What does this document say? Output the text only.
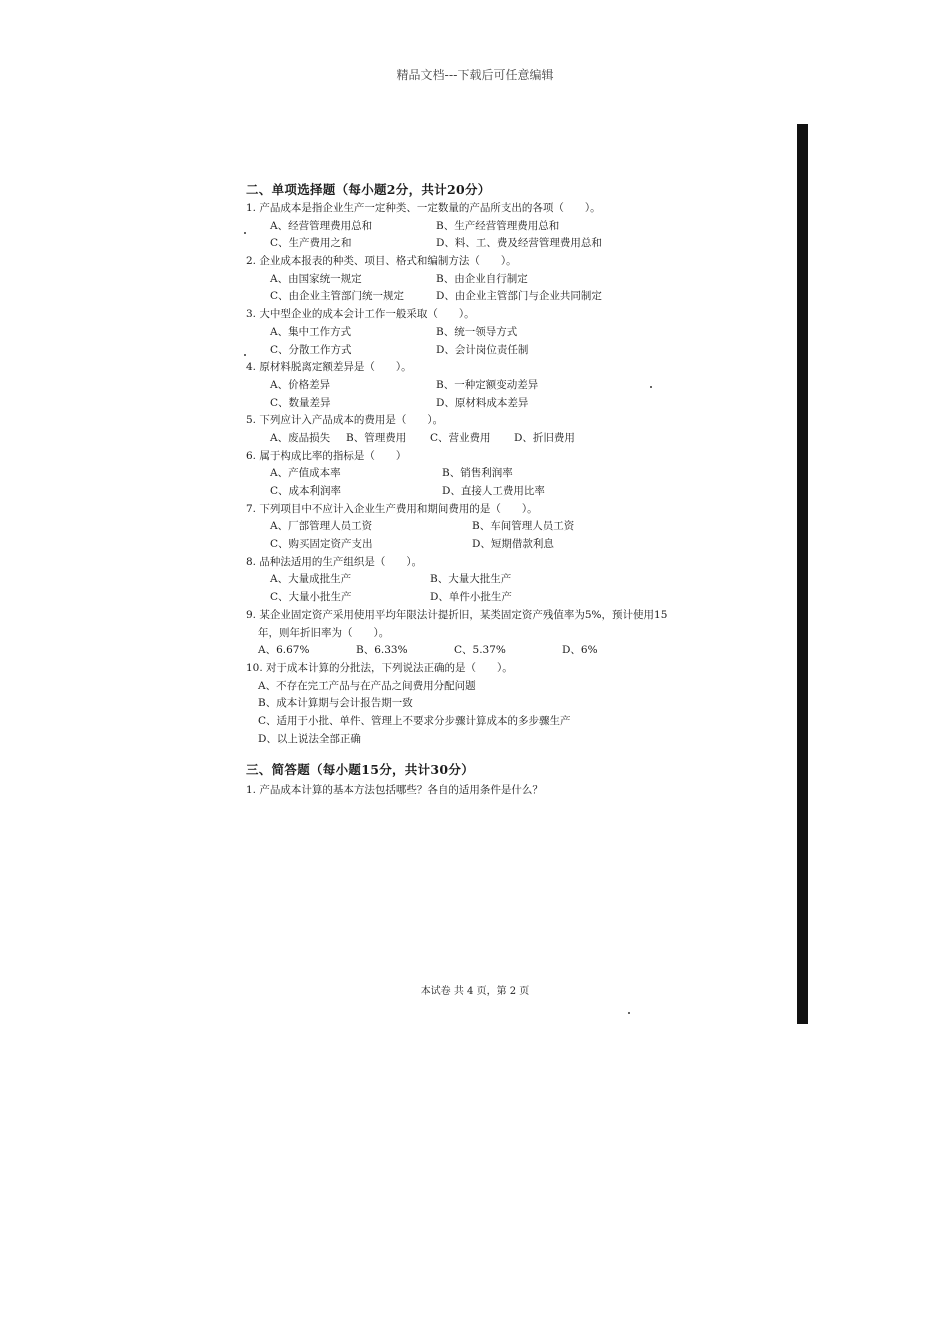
精品文档---下载后可任意编辑
二、单项选择题（每小题2分，共计20分）
1. 产品成本是指企业生产一定种类、一定数量的产品所支出的各项（　　）。
A、经营管理费用总和	B、生产经营管理费用总和
C、生产费用之和	D、料、工、费及经营管理费用总和
2. 企业成本报表的种类、项目、格式和编制方法（　　）。
A、由国家统一规定	B、由企业自行制定
C、由企业主管部门统一规定	D、由企业主管部门与企业共同制定
3. 大中型企业的成本会计工作一般采取（　　）。
A、集中工作方式	B、统一领导方式
C、分散工作方式	D、会计岗位责任制
4. 原材料脱离定额差异是（　　）。
A、价格差异	B、一种定额变动差异
C、数量差异	D、原材料成本差异
5. 下列应计入产品成本的费用是（　　）。
A、废品损失 B、管理费用 C、营业费用 D、折旧费用
6. 属于构成比率的指标是（　　）
A、产值成本率	B、销售利润率
C、成本利润率	D、直接人工费用比率
7. 下列项目中不应计入企业生产费用和期间费用的是（　　）。
A、厂部管理人员工资	B、车间管理人员工资
C、购买固定资产支出	D、短期借款利息
8. 品种法适用的生产组织是（　　）。
A、大量成批生产	B、大量大批生产
C、大量小批生产	D、单件小批生产
9. 某企业固定资产采用使用平均年限法计提折旧，某类固定资产残值率为5%，预计使用15
年，则年折旧率为（　　）。
A、6.67%	B、6.33%	C、5.37%	D、6%
10. 对于成本计算的分批法，下列说法正确的是（　　）。
A、不存在完工产品与在产品之间费用分配问题
B、成本计算期与会计报告期一致
C、适用于小批、单件、管理上不要求分步骤计算成本的多步骤生产
D、以上说法全部正确
三、简答题（每小题15分，共计30分）
1. 产品成本计算的基本方法包括哪些？各自的适用条件是什么？
本试卷 共 4 页，第 2 页
